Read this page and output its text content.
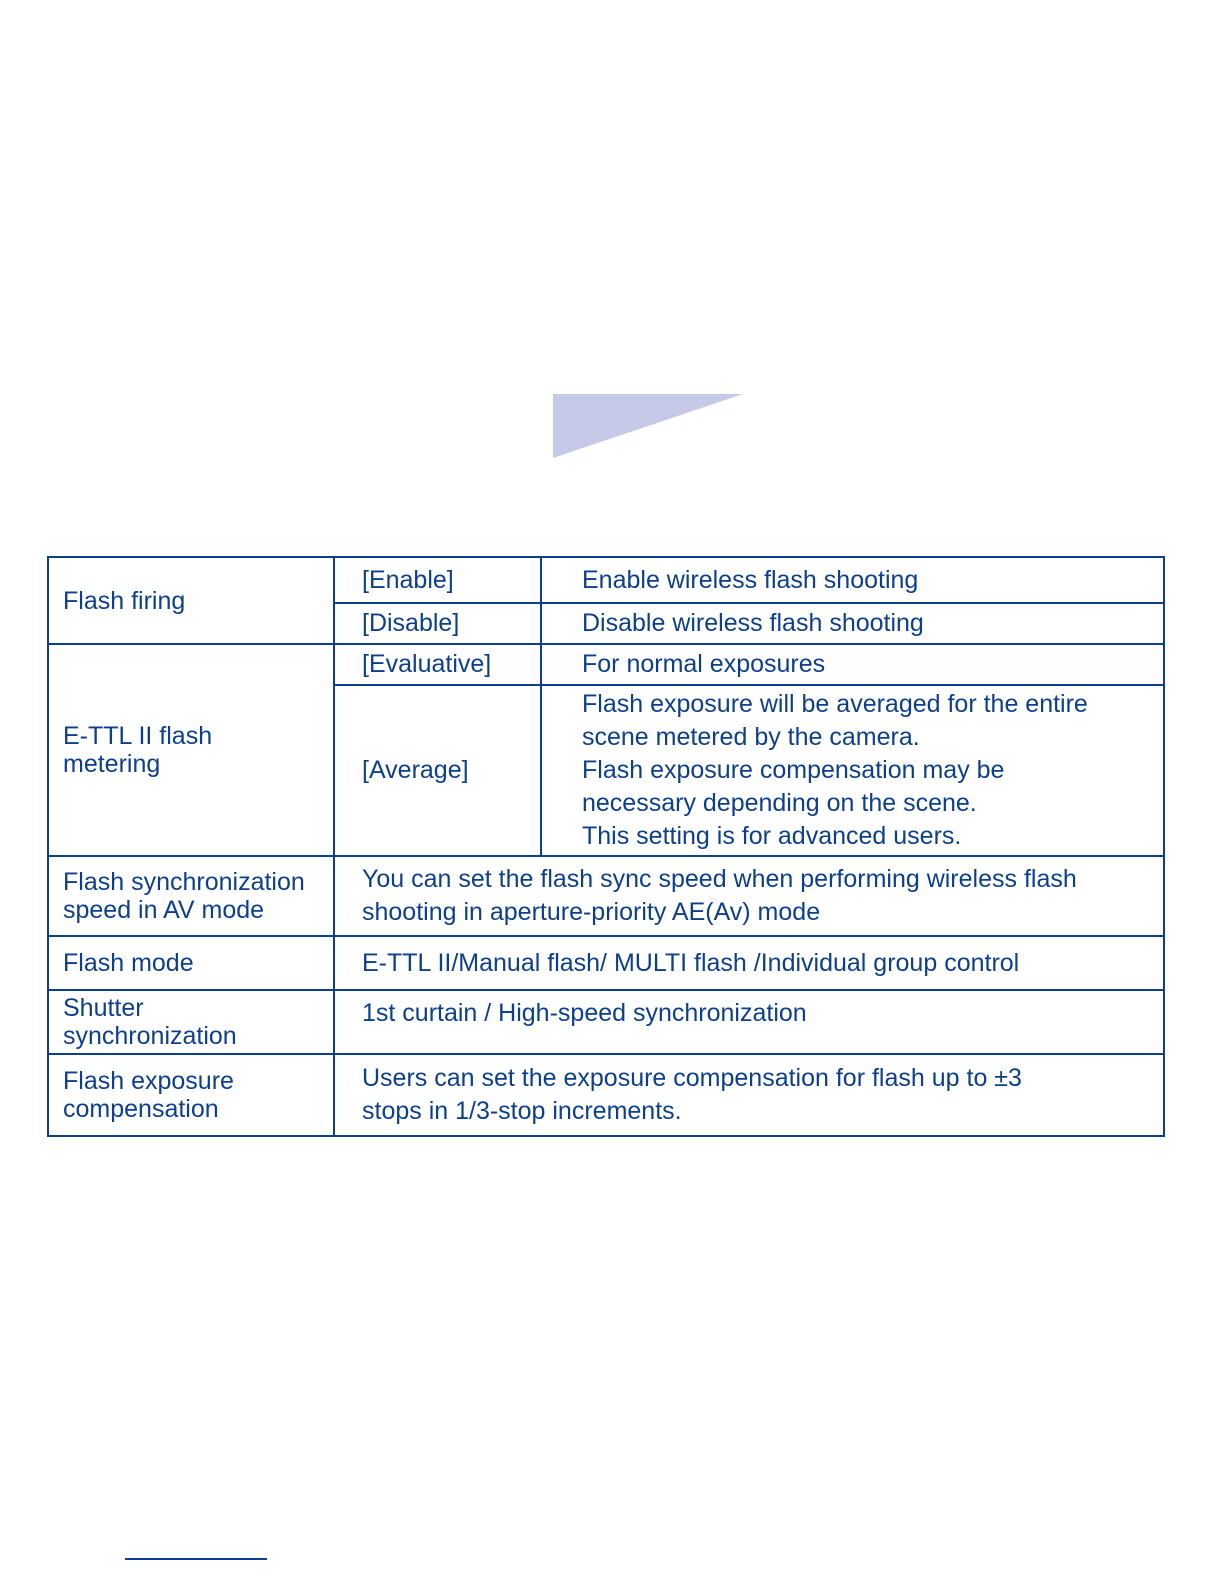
Flash firing	[Enable]	Enable wireless flash shooting
	[Disable]	Disable wireless flash shooting

E-TTL II flash
metering	[Evaluative]	For normal exposures
	[Average]	Flash exposure will be averaged for the entire
scene metered by the camera.
Flash exposure compensation may be
necessary depending on the scene.
This setting is for advanced users.

Flash synchronization
speed in AV mode	You can set the flash sync speed when performing wireless flash
shooting in aperture-priority AE(Av) mode	

Flash mode	E-TTL II/Manual flash/ MULTI flash /Individual group control	

Shutter
synchronization	1st curtain / High-speed synchronization	

Flash exposure
compensation	Users can set the exposure compensation for flash up to ±3
stops in 1/3-stop increments.	
